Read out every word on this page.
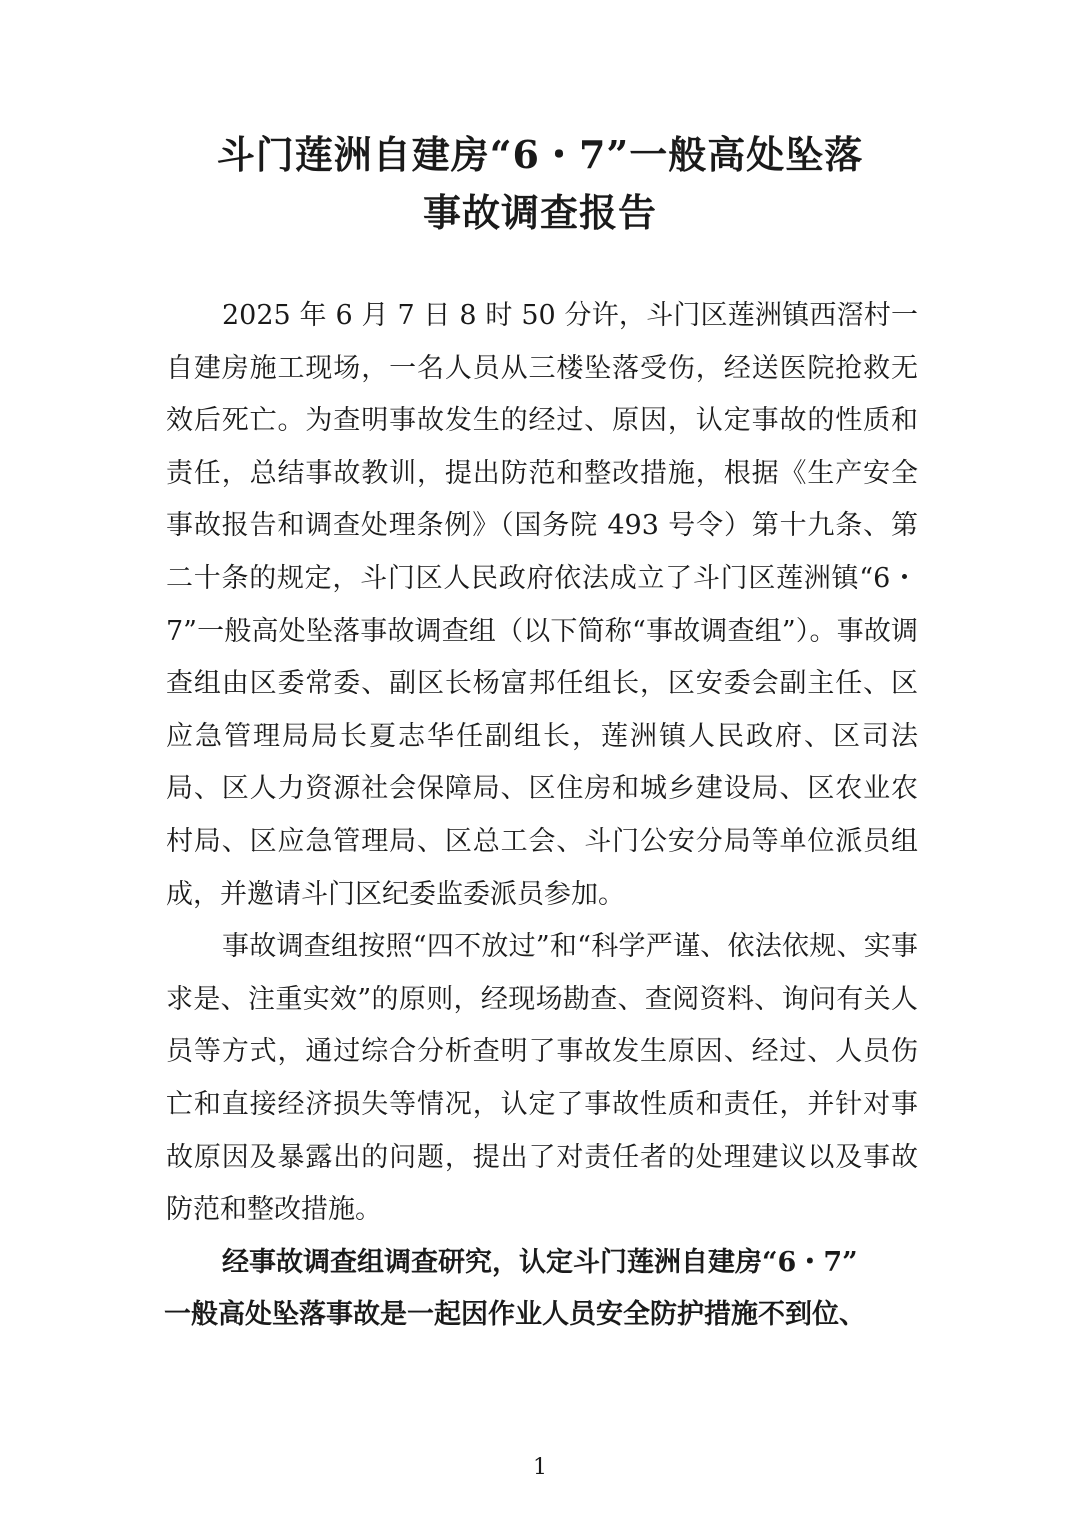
斗门莲洲自建房“6・7”一般高处坠落
事故调查报告

2025 年 6 月 7 日 8 时 50 分许，斗门区莲洲镇西滘村一自建房施工现场，一名人员从三楼坠落受伤，经送医院抢救无效后死亡。为查明事故发生的经过、原因，认定事故的性质和责任，总结事故教训，提出防范和整改措施，根据《生产安全事故报告和调查处理条例》（国务院 493 号令）第十九条、第二十条的规定，斗门区人民政府依法成立了斗门区莲洲镇“6・7”一般高处坠落事故调查组（以下简称“事故调查组”）。事故调查组由区委常委、副区长杨富邦任组长，区安委会副主任、区应急管理局局长夏志华任副组长，莲洲镇人民政府、区司法局、区人力资源社会保障局、区住房和城乡建设局、区农业农村局、区应急管理局、区总工会、斗门公安分局等单位派员组成，并邀请斗门区纪委监委派员参加。

事故调查组按照“四不放过”和“科学严谨、依法依规、实事求是、注重实效”的原则，经现场勘查、查阅资料、询问有关人员等方式，通过综合分析查明了事故发生原因、经过、人员伤亡和直接经济损失等情况，认定了事故性质和责任，并针对事故原因及暴露出的问题，提出了对责任者的处理建议以及事故防范和整改措施。

经事故调查组调查研究，认定斗门莲洲自建房“6・7”
一般高处坠落事故是一起因作业人员安全防护措施不到位、

1
